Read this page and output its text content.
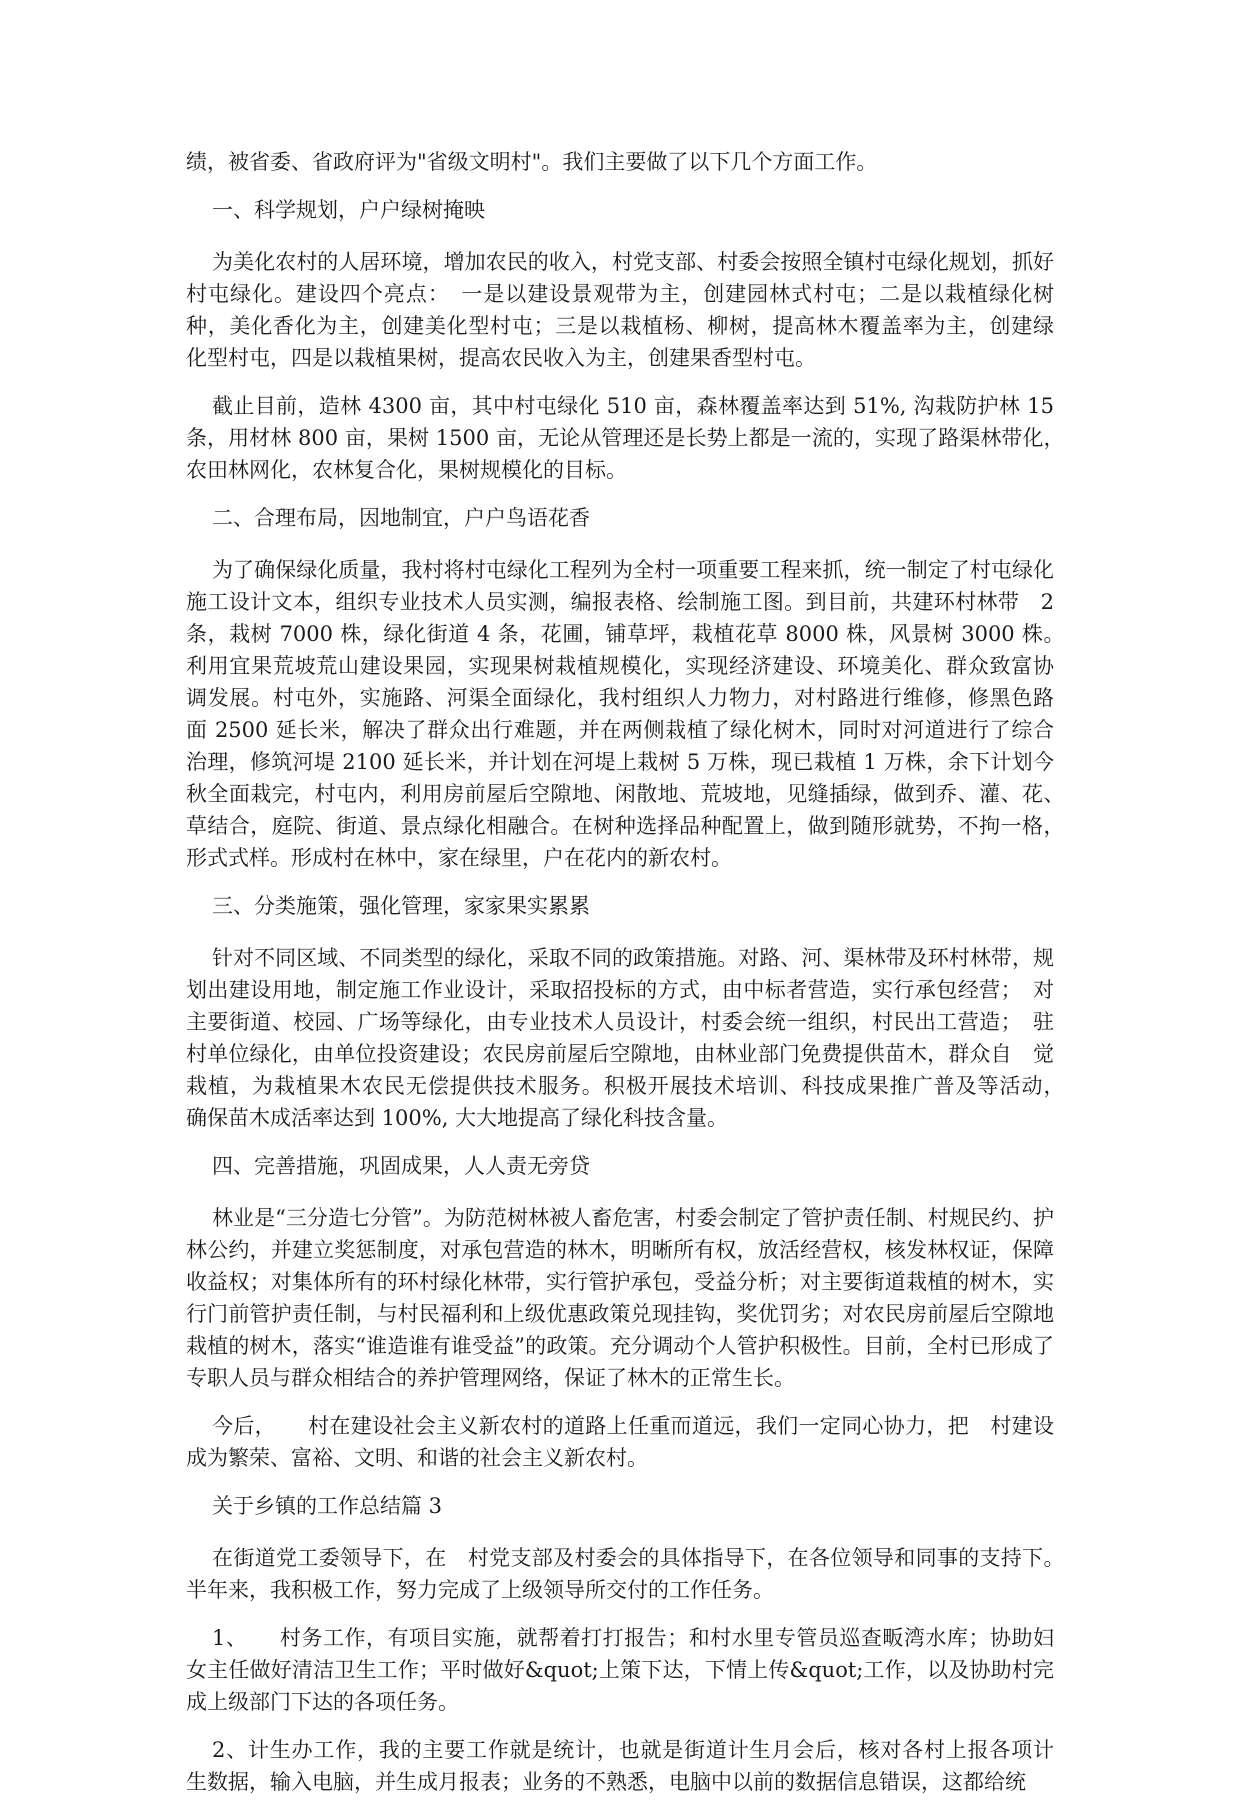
绩，被省委、省政府评为"省级文明村"。我们主要做了以下几个方面工作。

一、科学规划，户户绿树掩映

为美化农村的人居环境，增加农民的收入，村党支部、村委会按照全镇村屯绿化规划，抓好村屯绿化。建设四个亮点：　一是以建设景观带为主，创建园林式村屯；二是以栽植绿化树　种，美化香化为主，创建美化型村屯；三是以栽植杨、柳树，提高林木覆盖率为主，创建绿　化型村屯，四是以栽植果树，提高农民收入为主，创建果香型村屯。

截止目前，造林 4300 亩，其中村屯绿化 510 亩，森林覆盖率达到 51%, 沟栽防护林 15　条，用材林 800 亩，果树 1500 亩，无论从管理还是长势上都是一流的，实现了路渠林带化，　农田林网化，农林复合化，果树规模化的目标。

二、合理布局，因地制宜，户户鸟语花香

为了确保绿化质量，我村将村屯绿化工程列为全村一项重要工程来抓，统一制定了村屯绿化施工设计文本，组织专业技术人员实测，编报表格、绘制施工图。到目前，共建环村林带　2 条，栽树 7000 株，绿化街道 4 条，花圃，铺草坪，栽植花草 8000 株，风景树 3000 株。　利用宜果荒坡荒山建设果园，实现果树栽植规模化，实现经济建设、环境美化、群众致富协　调发展。村屯外，实施路、河渠全面绿化，我村组织人力物力，对村路进行维修，修黑色路　面 2500 延长米，解决了群众出行难题，并在两侧栽植了绿化树木，同时对河道进行了综合　治理，修筑河堤 2100 延长米，并计划在河堤上栽树 5 万株，现已栽植 1 万株，余下计划今　秋全面栽完，村屯内，利用房前屋后空隙地、闲散地、荒坡地，见缝插绿，做到乔、灌、花、　草结合，庭院、街道、景点绿化相融合。在树种选择品种配置上，做到随形就势，不拘一格，　形式式样。形成村在林中，家在绿里，户在花内的新农村。

三、分类施策，强化管理，家家果实累累

针对不同区域、不同类型的绿化，采取不同的政策措施。对路、河、渠林带及环村林带，规划出建设用地，制定施工作业设计，采取招投标的方式，由中标者营造，实行承包经营；　对主要街道、校园、广场等绿化，由专业技术人员设计，村委会统一组织，村民出工营造；　驻村单位绿化，由单位投资建设；农民房前屋后空隙地，由林业部门免费提供苗木，群众自　觉栽植，为栽植果木农民无偿提供技术服务。积极开展技术培训、科技成果推广普及等活动，　确保苗木成活率达到 100%, 大大地提高了绿化科技含量。

四、完善措施，巩固成果，人人责无旁贷

林业是“三分造七分管”。为防范树林被人畜危害，村委会制定了管护责任制、村规民约、护林公约，并建立奖惩制度，对承包营造的林木，明晰所有权，放活经营权，核发林权证，保障收益权；对集体所有的环村绿化林带，实行管护承包，受益分析；对主要街道栽植的树木，实行门前管护责任制，与村民福利和上级优惠政策兑现挂钩，奖优罚劣；对农民房前屋后空隙地栽植的树木，落实“谁造谁有谁受益”的政策。充分调动个人管护积极性。目前，全村已形成了专职人员与群众相结合的养护管理网络，保证了林木的正常生长。

今后，　　村在建设社会主义新农村的道路上任重而道远，我们一定同心协力，把　村建设　成为繁荣、富裕、文明、和谐的社会主义新农村。

关于乡镇的工作总结篇 3

在街道党工委领导下，在　村党支部及村委会的具体指导下，在各位领导和同事的支持下。　半年来，我积极工作，努力完成了上级领导所交付的工作任务。

1、　　村务工作，有项目实施，就帮着打打报告；和村水里专管员巡查畈湾水库；协助妇　女主任做好清洁卫生工作；平时做好&quot;上策下达，下情上传&quot;工作，以及协助村完　成上级部门下达的各项任务。

2、计生办工作，我的主要工作就是统计，也就是街道计生月会后，核对各村上报各项计　生数据，输入电脑，并生成月报表；业务的不熟悉，电脑中以前的数据信息错误，这都给统
